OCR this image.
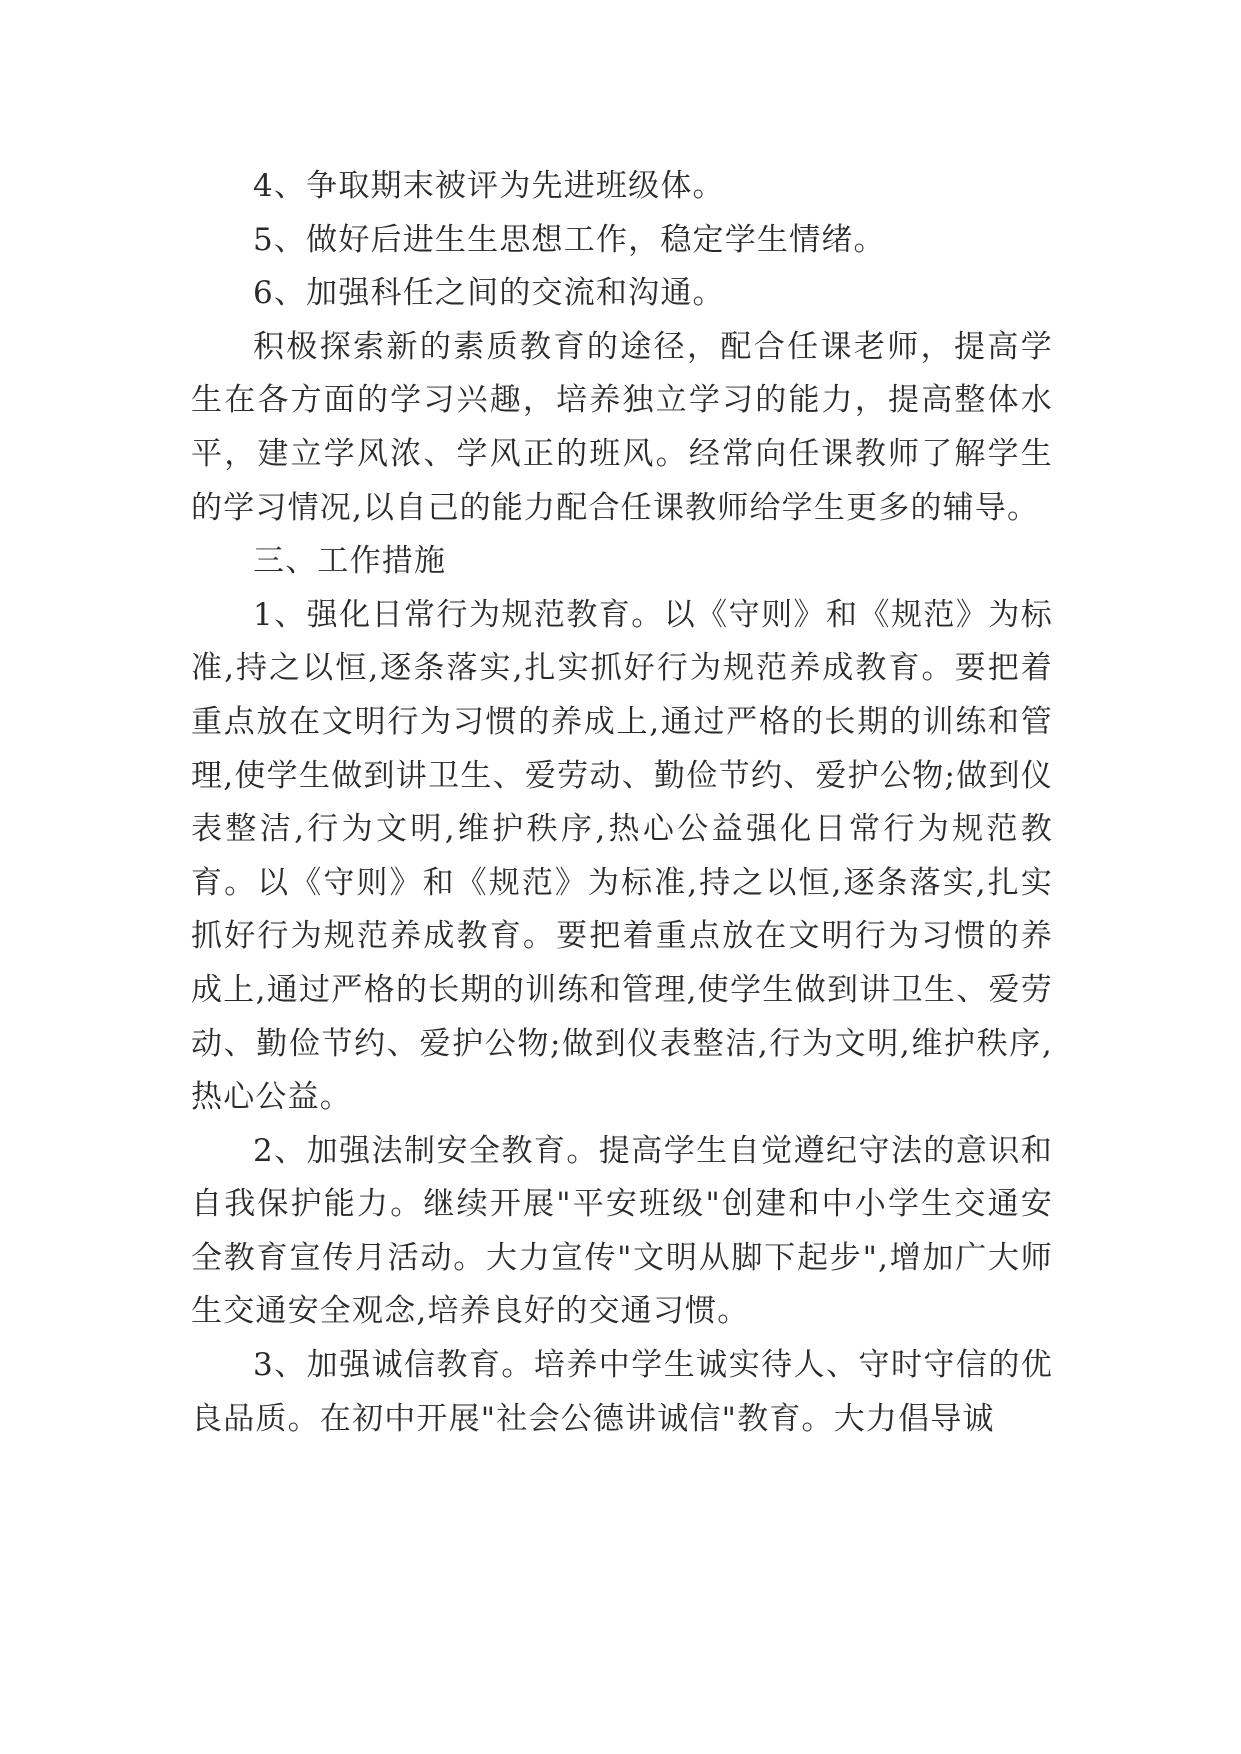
4、争取期末被评为先进班级体。

5、做好后进生生思想工作，稳定学生情绪。

6、加强科任之间的交流和沟通。

积极探索新的素质教育的途径，配合任课老师，提高学生在各方面的学习兴趣，培养独立学习的能力，提高整体水平，建立学风浓、学风正的班风。经常向任课教师了解学生的学习情况,以自己的能力配合任课教师给学生更多的辅导。

三、工作措施

1、强化日常行为规范教育。以《守则》和《规范》为标准,持之以恒,逐条落实,扎实抓好行为规范养成教育。要把着重点放在文明行为习惯的养成上,通过严格的长期的训练和管理,使学生做到讲卫生、爱劳动、勤俭节约、爱护公物;做到仪表整洁,行为文明,维护秩序,热心公益强化日常行为规范教育。以《守则》和《规范》为标准,持之以恒,逐条落实,扎实抓好行为规范养成教育。要把着重点放在文明行为习惯的养成上,通过严格的长期的训练和管理,使学生做到讲卫生、爱劳动、勤俭节约、爱护公物;做到仪表整洁,行为文明,维护秩序,热心公益。

2、加强法制安全教育。提高学生自觉遵纪守法的意识和自我保护能力。继续开展"平安班级"创建和中小学生交通安全教育宣传月活动。大力宣传"文明从脚下起步",增加广大师生交通安全观念,培养良好的交通习惯。

3、加强诚信教育。培养中学生诚实待人、守时守信的优良品质。在初中开展"社会公德讲诚信"教育。大力倡导诚
